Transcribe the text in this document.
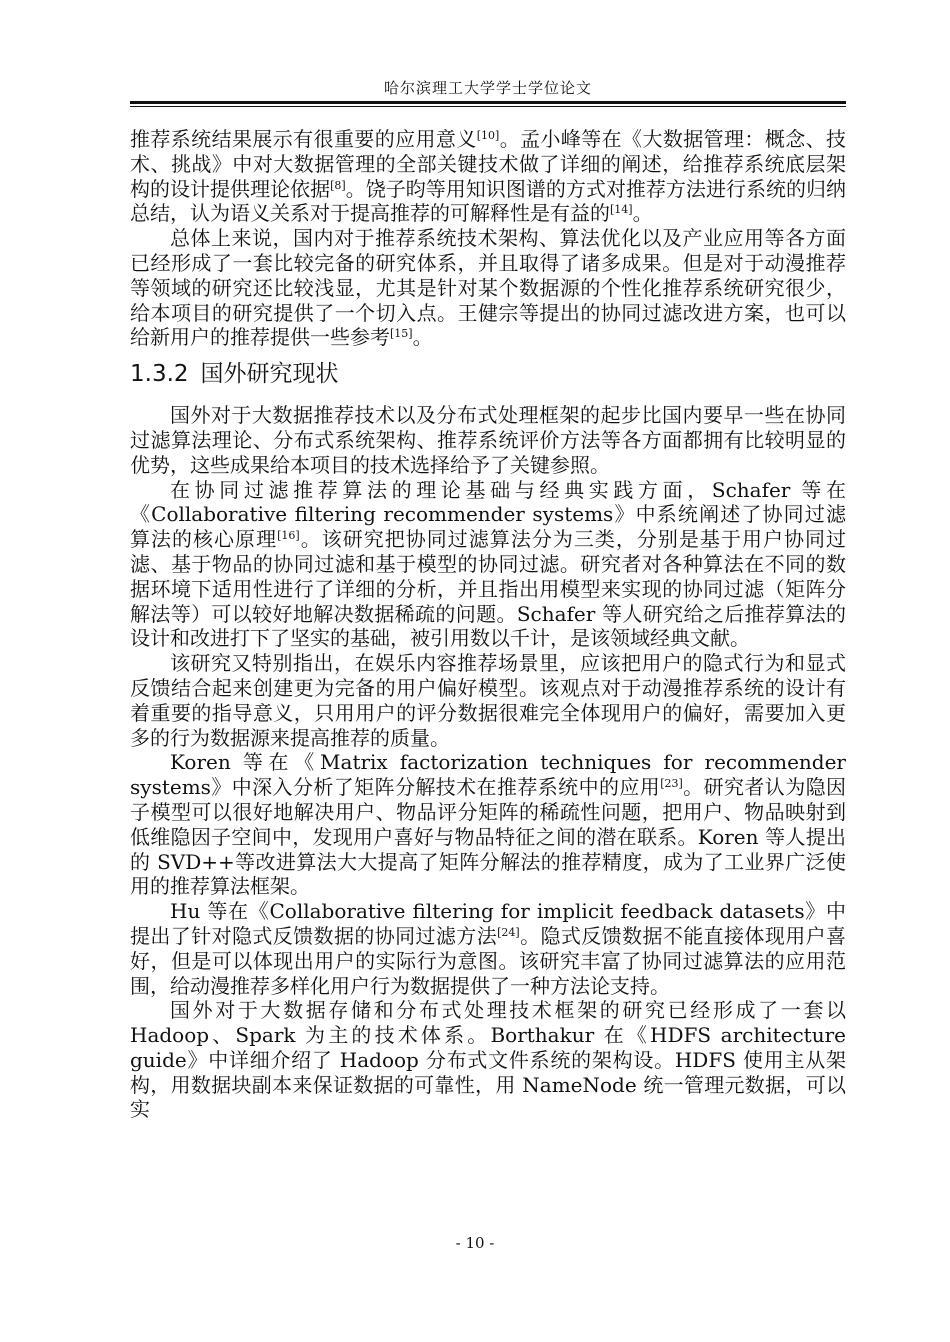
哈尔滨理工大学学士学位论文

推荐系统结果展示有很重要的应用意义[10]。孟小峰等在《大数据管理：概念、技术、挑战》中对大数据管理的全部关键技术做了详细的阐述，给推荐系统底层架构的设计提供理论依据[8]。饶子昀等用知识图谱的方式对推荐方法进行系统的归纳总结，认为语义关系对于提高推荐的可解释性是有益的[14]。

总体上来说，国内对于推荐系统技术架构、算法优化以及产业应用等各方面已经形成了一套比较完备的研究体系，并且取得了诸多成果。但是对于动漫推荐等领域的研究还比较浅显，尤其是针对某个数据源的个性化推荐系统研究很少，给本项目的研究提供了一个切入点。王健宗等提出的协同过滤改进方案，也可以给新用户的推荐提供一些参考[15]。

1.3.2 国外研究现状

国外对于大数据推荐技术以及分布式处理框架的起步比国内要早一些在协同过滤算法理论、分布式系统架构、推荐系统评价方法等各方面都拥有比较明显的优势，这些成果给本项目的技术选择给予了关键参照。

在协同过滤推荐算法的理论基础与经典实践方面，Schafer 等在《Collaborative filtering recommender systems》中系统阐述了协同过滤算法的核心原理[16]。该研究把协同过滤算法分为三类，分别是基于用户协同过滤、基于物品的协同过滤和基于模型的协同过滤。研究者对各种算法在不同的数据环境下适用性进行了详细的分析，并且指出用模型来实现的协同过滤（矩阵分解法等）可以较好地解决数据稀疏的问题。Schafer 等人研究给之后推荐算法的设计和改进打下了坚实的基础，被引用数以千计，是该领域经典文献。

该研究又特别指出，在娱乐内容推荐场景里，应该把用户的隐式行为和显式反馈结合起来创建更为完备的用户偏好模型。该观点对于动漫推荐系统的设计有着重要的指导意义，只用用户的评分数据很难完全体现用户的偏好，需要加入更多的行为数据源来提高推荐的质量。

Koren 等在《Matrix factorization techniques for recommender systems》中深入分析了矩阵分解技术在推荐系统中的应用[23]。研究者认为隐因子模型可以很好地解决用户、物品评分矩阵的稀疏性问题，把用户、物品映射到低维隐因子空间中，发现用户喜好与物品特征之间的潜在联系。Koren 等人提出的 SVD++等改进算法大大提高了矩阵分解法的推荐精度，成为了工业界广泛使用的推荐算法框架。

Hu 等在《Collaborative filtering for implicit feedback datasets》中提出了针对隐式反馈数据的协同过滤方法[24]。隐式反馈数据不能直接体现用户喜好，但是可以体现出用户的实际行为意图。该研究丰富了协同过滤算法的应用范围，给动漫推荐多样化用户行为数据提供了一种方法论支持。

国外对于大数据存储和分布式处理技术框架的研究已经形成了一套以 Hadoop、Spark 为主的技术体系。Borthakur 在《HDFS architecture guide》中详细介绍了 Hadoop 分布式文件系统的架构设。HDFS 使用主从架构，用数据块副本来保证数据的可靠性，用 NameNode 统一管理元数据，可以实

- 10 -
